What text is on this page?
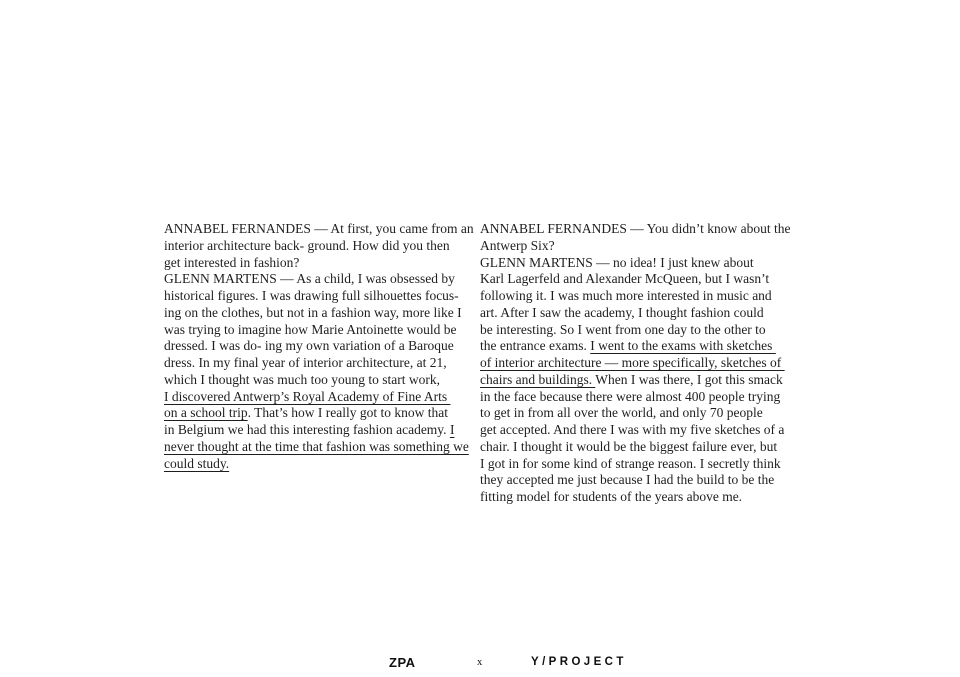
ANNABEL FERNANDES — At first, you came from an
interior architecture back- ground. How did you then
get interested in fashion?
GLENN MARTENS — As a child, I was obsessed by
historical figures. I was drawing full silhouettes focus-
ing on the clothes, but not in a fashion way, more like I
was trying to imagine how Marie Antoinette would be
dressed. I was do- ing my own variation of a Baroque
dress. In my final year of interior architecture, at 21,
which I thought was much too young to start work,
I discovered Antwerp’s Royal Academy of Fine Arts
on a school trip. That’s how I really got to know that
in Belgium we had this interesting fashion academy. I
never thought at the time that fashion was something we
could study.
ANNABEL FERNANDES — You didn’t know about the
Antwerp Six?
GLENN MARTENS — no idea! I just knew about
Karl Lagerfeld and Alexander McQueen, but I wasn’t
following it. I was much more interested in music and
art. After I saw the academy, I thought fashion could
be interesting. So I went from one day to the other to
the entrance exams. I went to the exams with sketches
of interior architecture — more specifically, sketches of
chairs and buildings. When I was there, I got this smack
in the face because there were almost 400 people trying
to get in from all over the world, and only 70 people
get accepted. And there I was with my five sketches of a
chair. I thought it would be the biggest failure ever, but
I got in for some kind of strange reason. I secretly think
they accepted me just because I had the build to be the
fitting model for students of the years above me.
ZPA	x	Y/PROJECT
